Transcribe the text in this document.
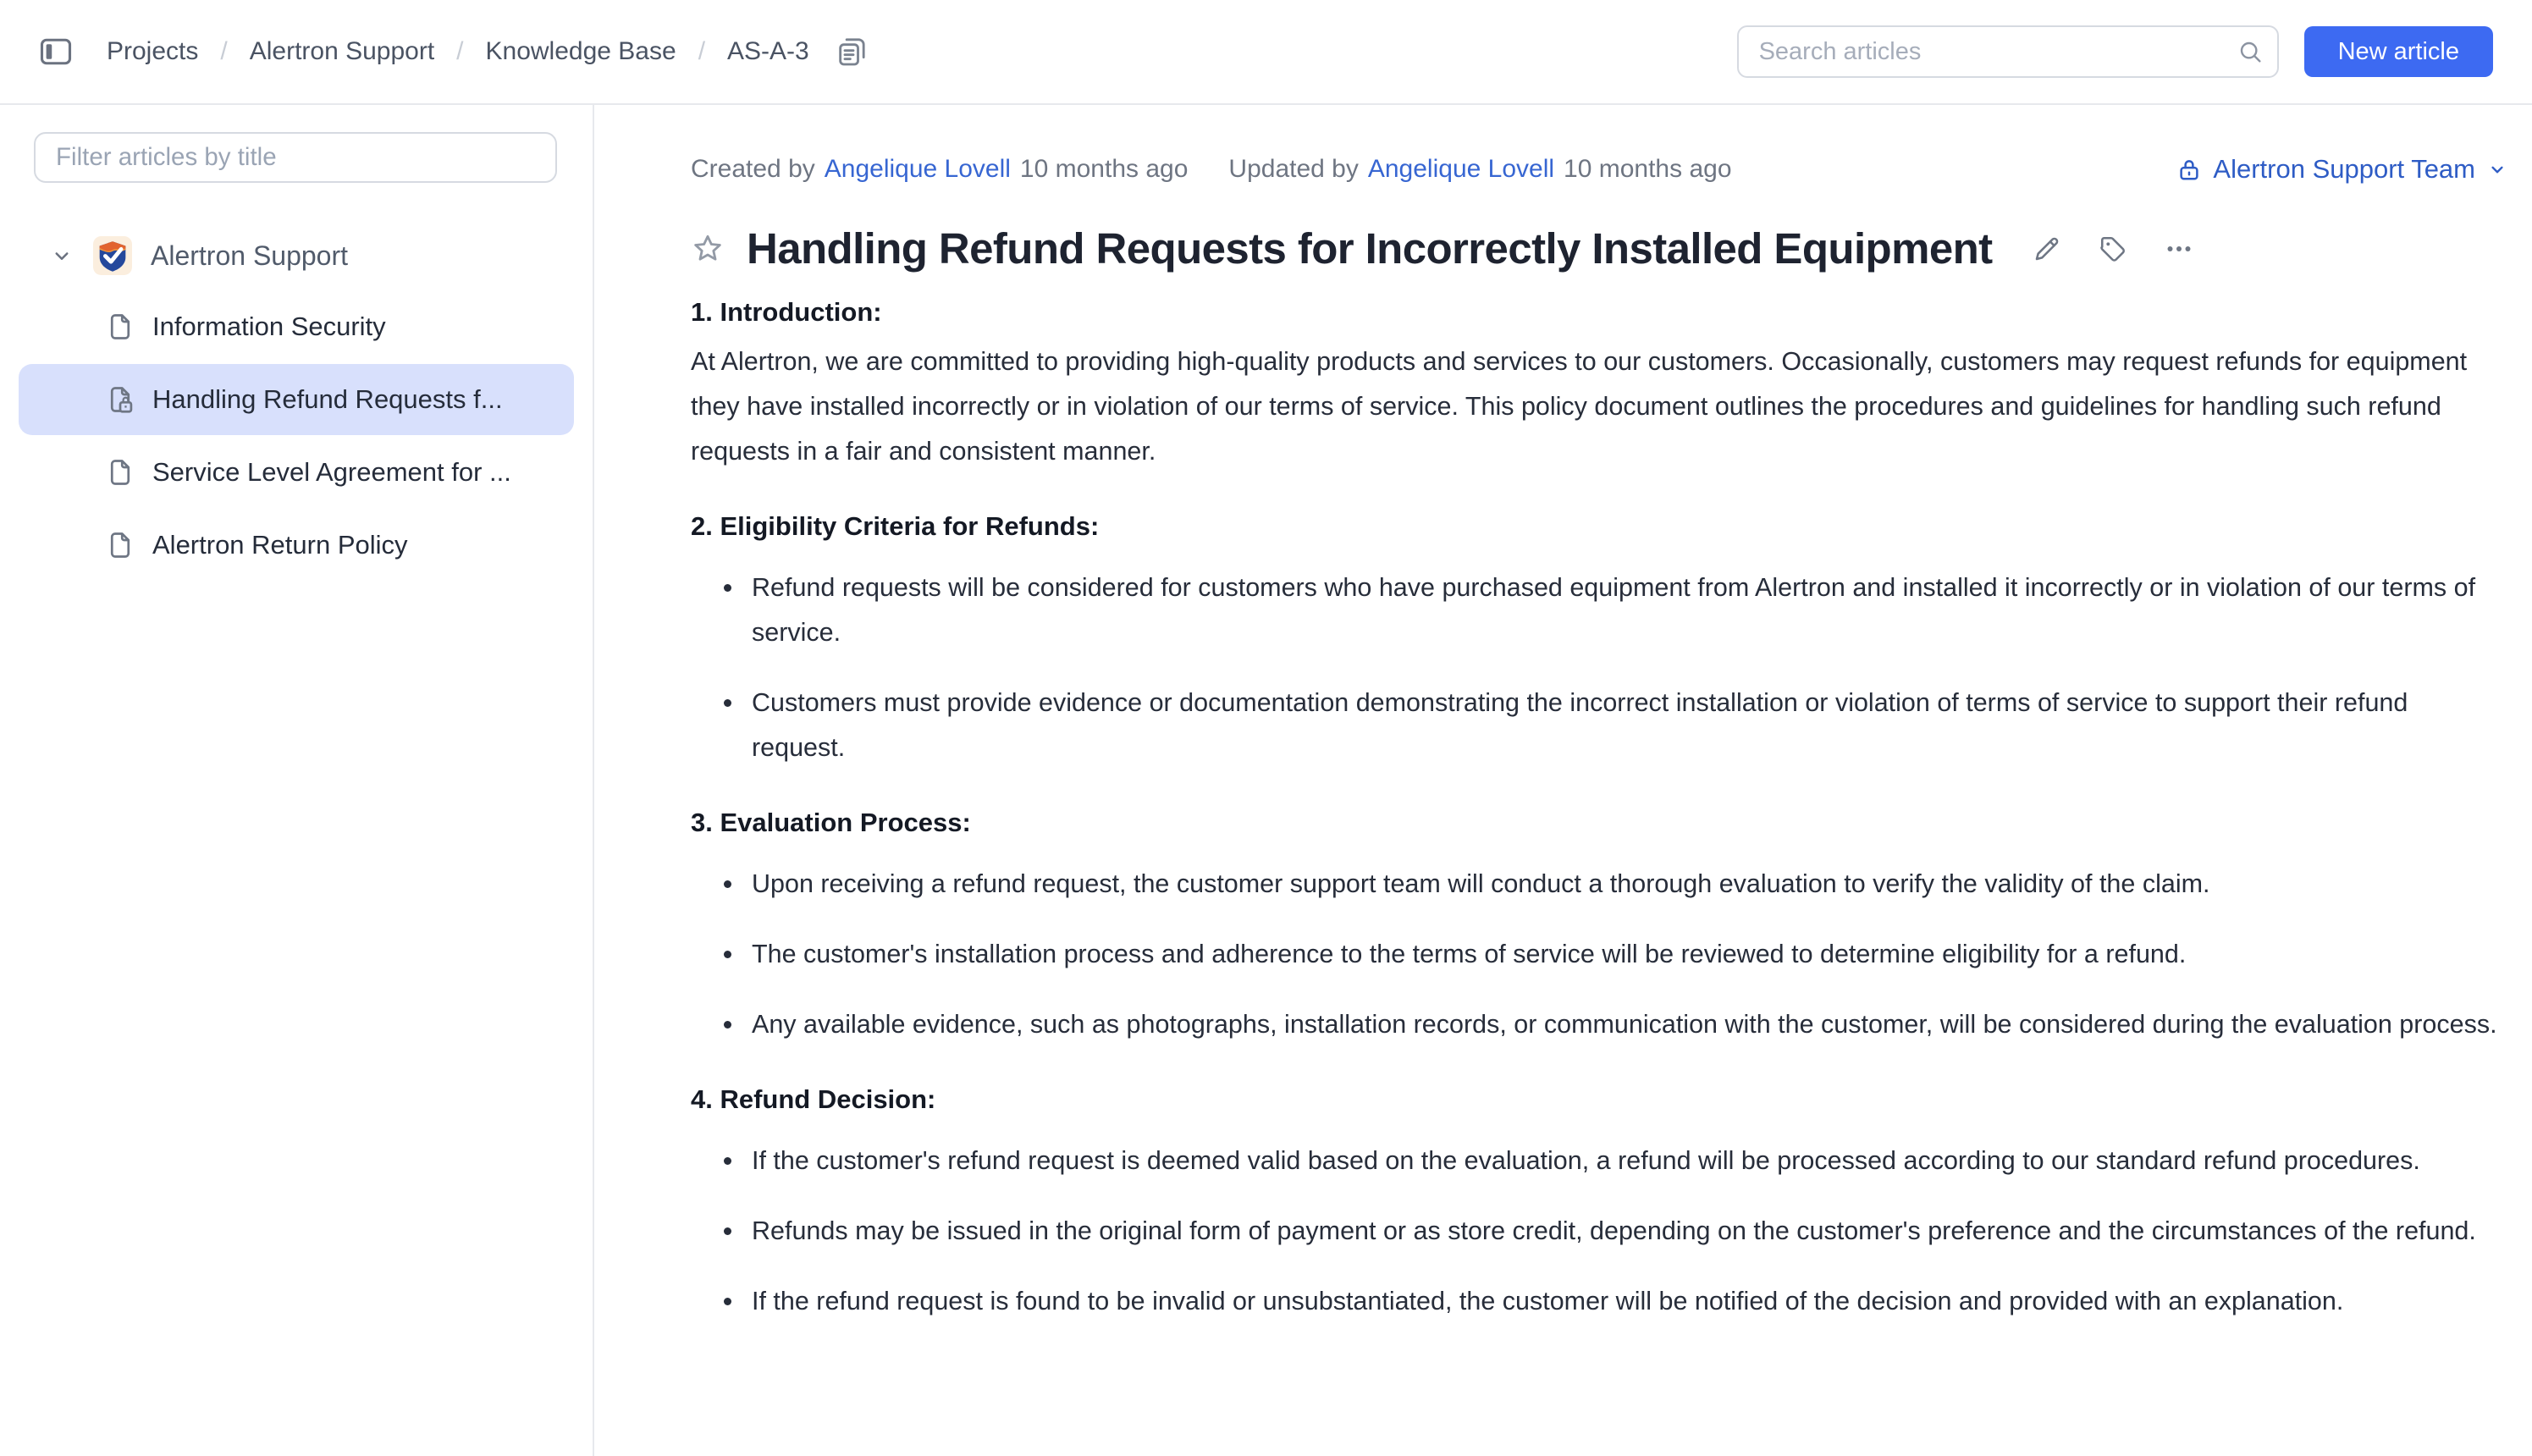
Projects / Alertron Support / Knowledge Base / AS-A-3
Search articles	New article
Filter articles by title
Alertron Support
Information Security
Handling Refund Requests f...
Service Level Agreement for ...
Alertron Return Policy
Created by Angelique Lovell 10 months ago Updated by Angelique Lovell 10 months ago	Alertron Support Team
Handling Refund Requests for Incorrectly Installed Equipment
1. Introduction:

At Alertron, we are committed to providing high-quality products and services to our customers. Occasionally, customers may request refunds for equipment they have installed incorrectly or in violation of our terms of service. This policy document outlines the procedures and guidelines for handling such refund requests in a fair and consistent manner.

2. Eligibility Criteria for Refunds:
• Refund requests will be considered for customers who have purchased equipment from Alertron and installed it incorrectly or in violation of our terms of service.
• Customers must provide evidence or documentation demonstrating the incorrect installation or violation of terms of service to support their refund request.
3. Evaluation Process:
• Upon receiving a refund request, the customer support team will conduct a thorough evaluation to verify the validity of the claim.
• The customer's installation process and adherence to the terms of service will be reviewed to determine eligibility for a refund.
• Any available evidence, such as photographs, installation records, or communication with the customer, will be considered during the evaluation process.
4. Refund Decision:
• If the customer's refund request is deemed valid based on the evaluation, a refund will be processed according to our standard refund procedures.
• Refunds may be issued in the original form of payment or as store credit, depending on the customer's preference and the circumstances of the refund.
• If the refund request is found to be invalid or unsubstantiated, the customer will be notified of the decision and provided with an explanation.
